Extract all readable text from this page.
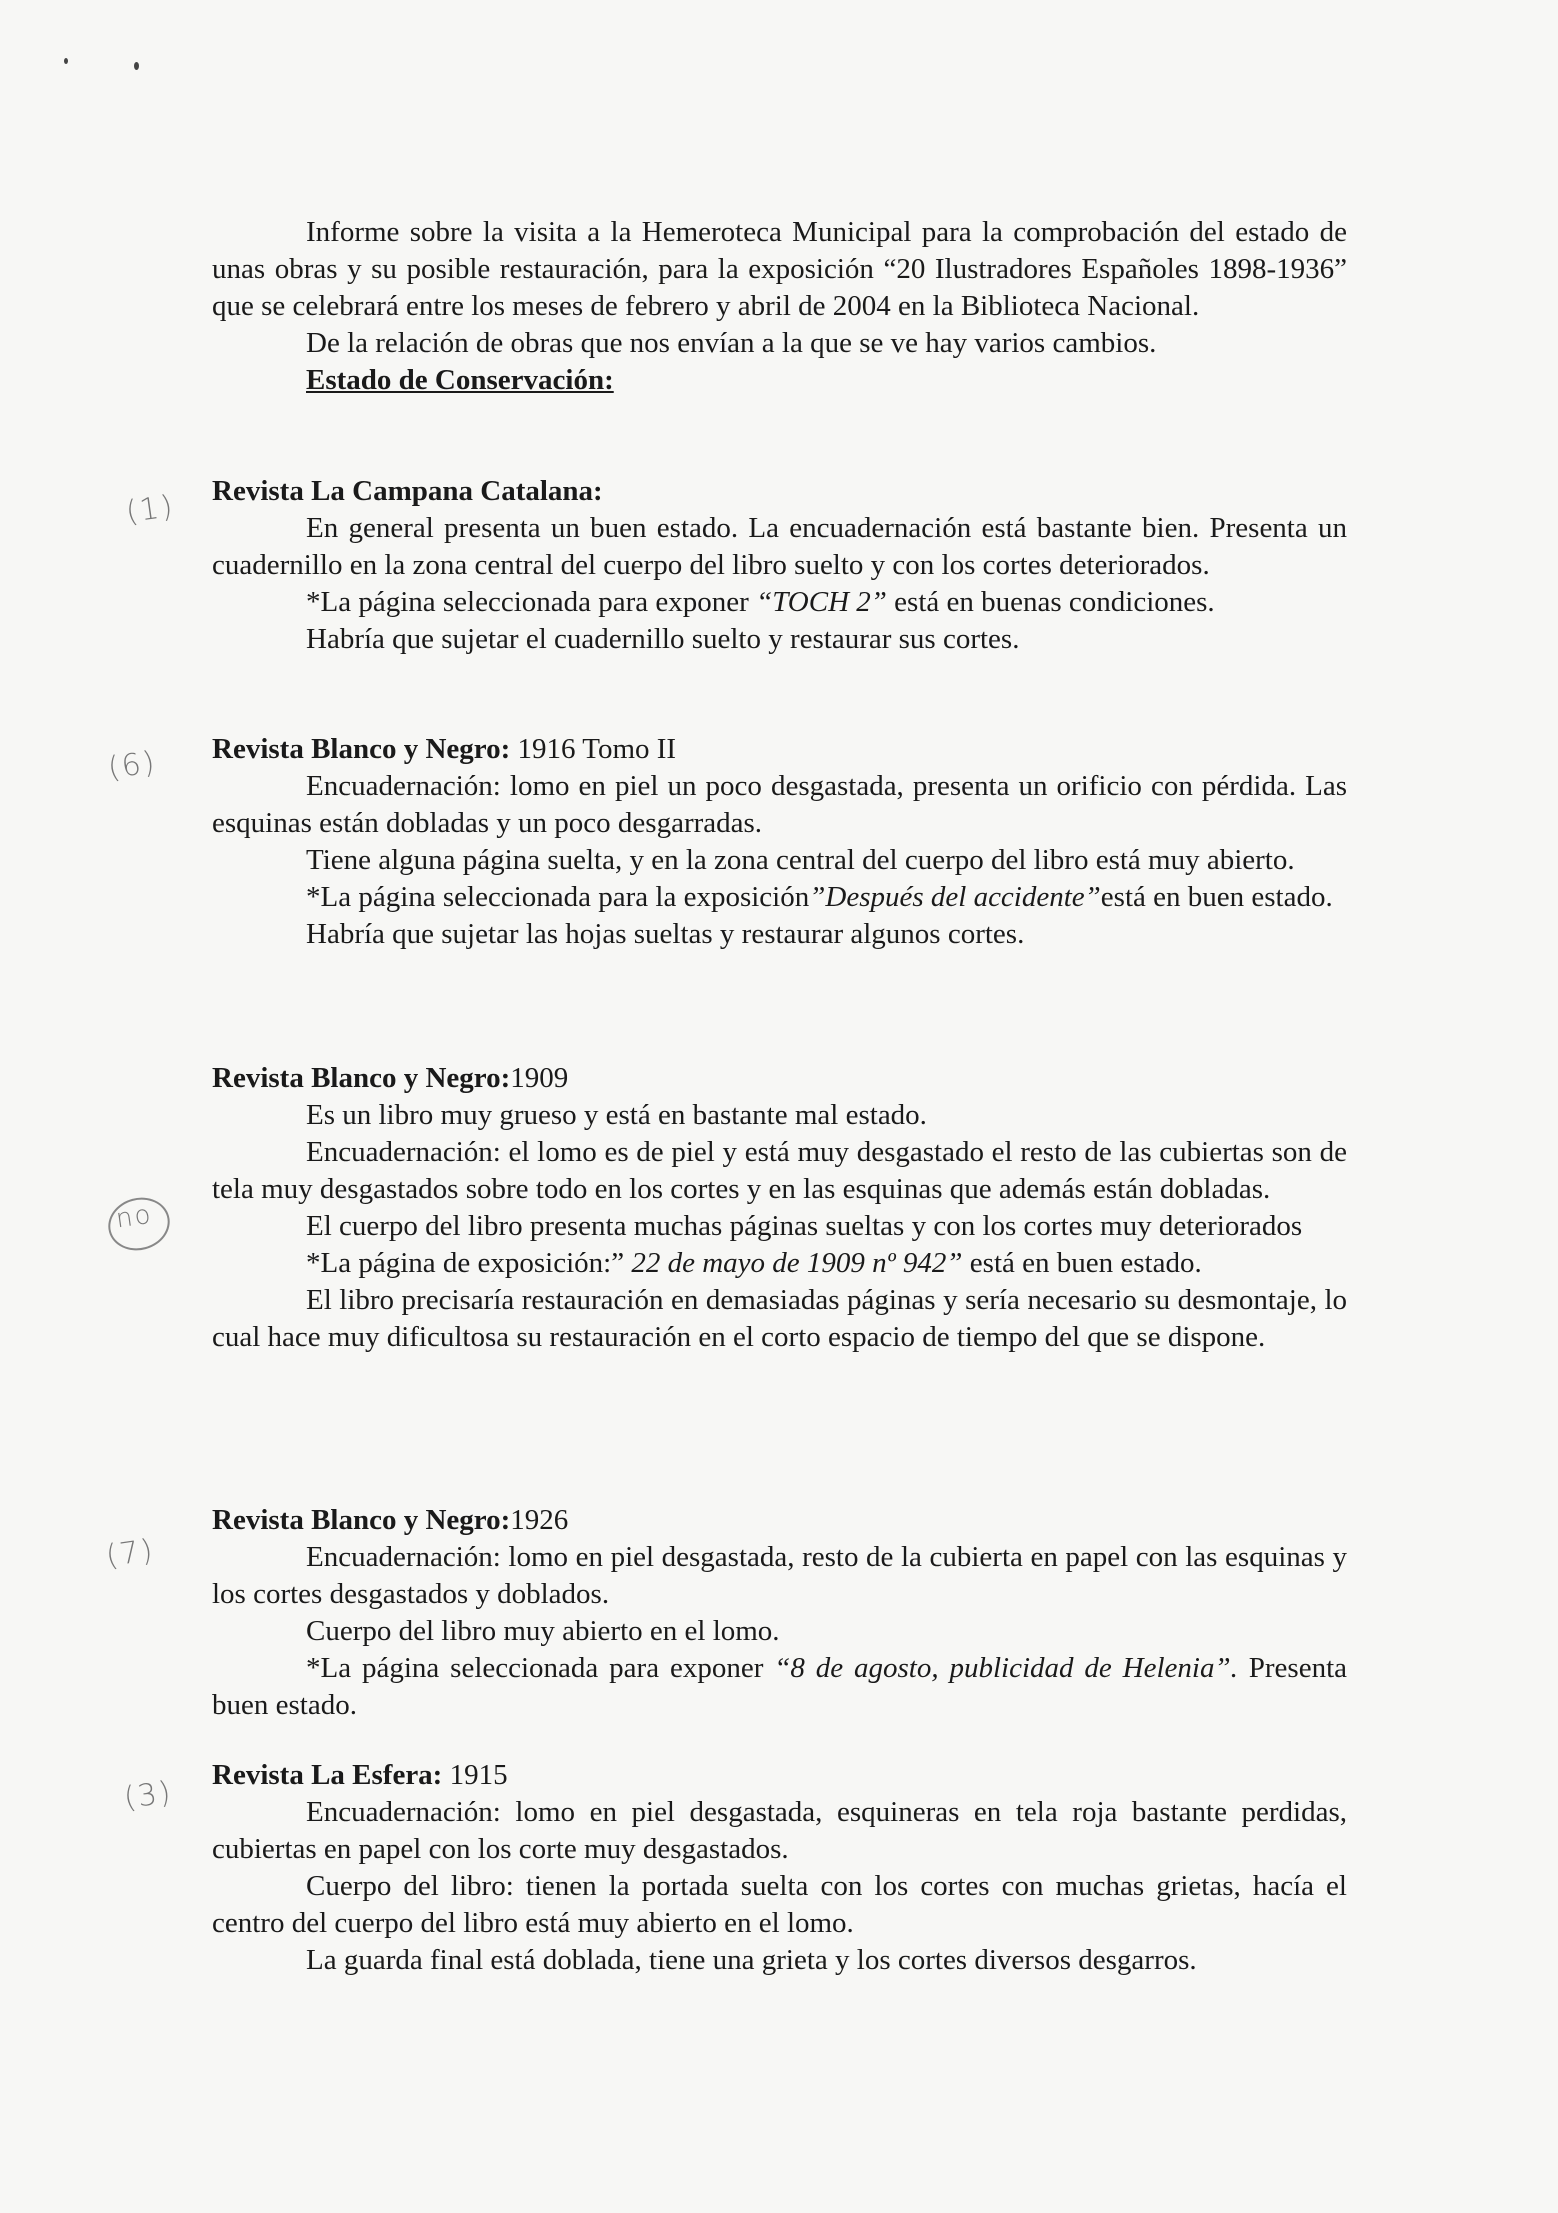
(1)
(6)
no
(7)
(3)

Informe sobre la visita a la Hemeroteca Municipal para la comprobación del estado de unas obras y su posible restauración, para la exposición “20 Ilustradores Españoles 1898-1936” que se celebrará entre los meses de febrero y abril de 2004 en la Biblioteca Nacional.

De la relación de obras que nos envían a la que se ve hay varios cambios.

Estado de Conservación:

Revista La Campana Catalana:

En general presenta un buen estado. La encuadernación está bastante bien. Presenta un cuadernillo en la zona central del cuerpo del libro suelto y con los cortes deteriorados.

*La página seleccionada para exponer “TOCH 2” está en buenas condiciones.

Habría que sujetar el cuadernillo suelto y restaurar sus cortes.

Revista Blanco y Negro: 1916 Tomo II

Encuadernación: lomo en piel un poco desgastada, presenta un orificio con pérdida. Las esquinas están dobladas y un poco desgarradas.

Tiene alguna página suelta, y en la zona central del cuerpo del libro está muy abierto.

*La página seleccionada para la exposición”Después del accidente”está en buen estado.

Habría que sujetar las hojas sueltas y restaurar algunos cortes.

Revista Blanco y Negro:1909

Es un libro muy grueso y está en bastante mal estado.

Encuadernación: el lomo es de piel y está muy desgastado el resto de las cubiertas son de tela muy desgastados sobre todo en los cortes y en las esquinas que además están dobladas.

El cuerpo del libro presenta muchas páginas sueltas y con los cortes muy deteriorados

*La página de exposición:” 22 de mayo de 1909 nº 942” está en buen estado.

El libro precisaría restauración en demasiadas páginas y sería necesario su desmontaje, lo cual hace muy dificultosa su restauración en el corto espacio de tiempo del que se dispone.

Revista Blanco y Negro:1926

Encuadernación: lomo en piel desgastada, resto de la cubierta en papel con las esquinas y los cortes desgastados y doblados.

Cuerpo del libro muy abierto en el lomo.

*La página seleccionada para exponer “8 de agosto, publicidad de Helenia”. Presenta buen estado.

Revista La Esfera: 1915

Encuadernación: lomo en piel desgastada, esquineras en tela roja bastante perdidas, cubiertas en papel con los corte muy desgastados.

Cuerpo del libro: tienen la portada suelta con los cortes con muchas grietas, hacía el centro del cuerpo del libro está muy abierto en el lomo.

La guarda final está doblada, tiene una grieta y los cortes diversos desgarros.
